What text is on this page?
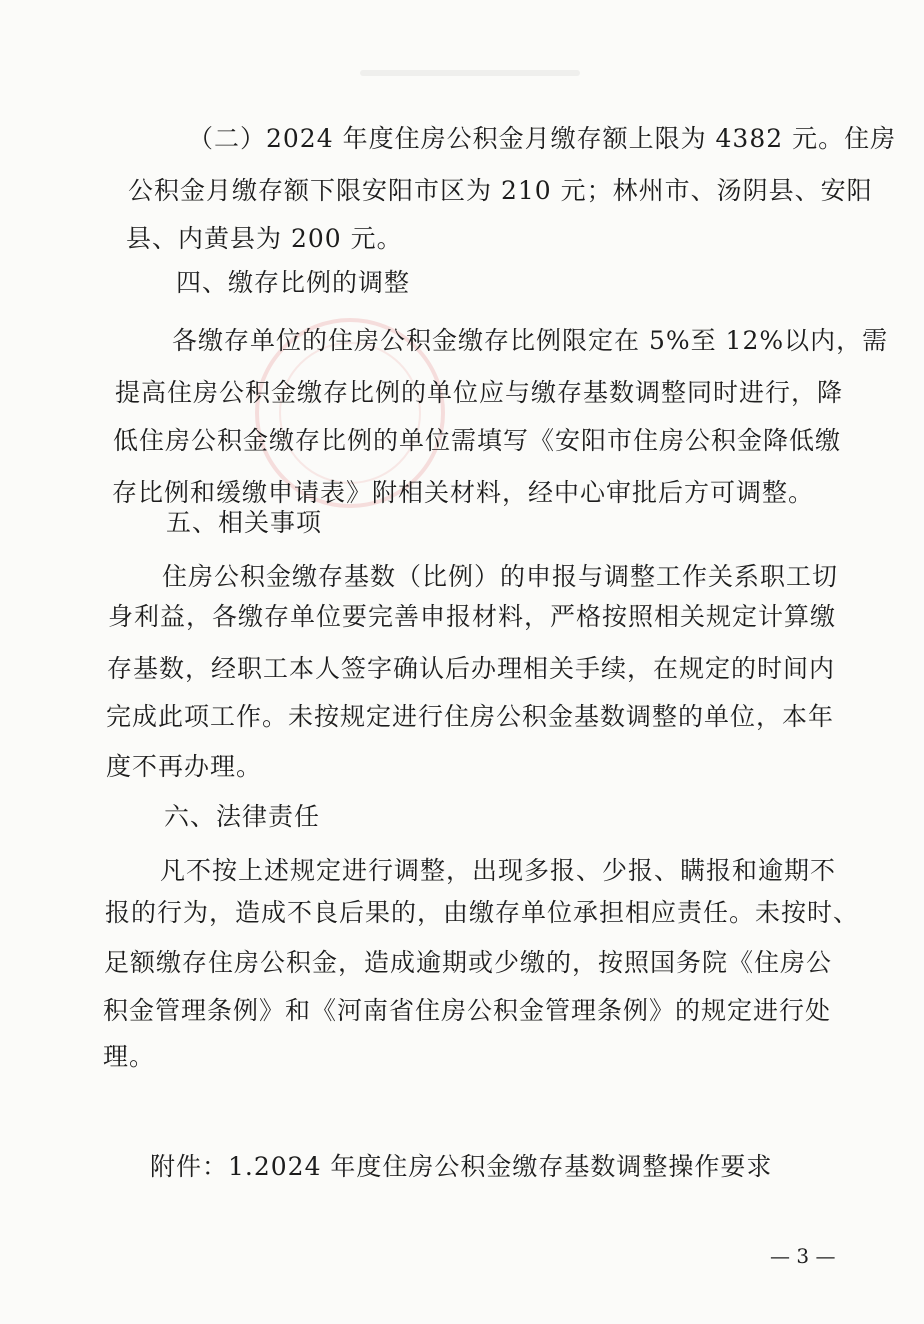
（二）2024 年度住房公积金月缴存额上限为 4382 元。住房
公积金月缴存额下限安阳市区为 210 元；林州市、汤阴县、安阳
县、内黄县为 200 元。
四、缴存比例的调整
各缴存单位的住房公积金缴存比例限定在 5%至 12%以内，需
提高住房公积金缴存比例的单位应与缴存基数调整同时进行，降
低住房公积金缴存比例的单位需填写《安阳市住房公积金降低缴
存比例和缓缴申请表》附相关材料，经中心审批后方可调整。
五、相关事项
住房公积金缴存基数（比例）的申报与调整工作关系职工切
身利益，各缴存单位要完善申报材料，严格按照相关规定计算缴
存基数，经职工本人签字确认后办理相关手续，在规定的时间内
完成此项工作。未按规定进行住房公积金基数调整的单位，本年
度不再办理。
六、法律责任
凡不按上述规定进行调整，出现多报、少报、瞒报和逾期不
报的行为，造成不良后果的，由缴存单位承担相应责任。未按时、
足额缴存住房公积金，造成逾期或少缴的，按照国务院《住房公
积金管理条例》和《河南省住房公积金管理条例》的规定进行处
理。
附件：1.2024 年度住房公积金缴存基数调整操作要求
— 3 —
